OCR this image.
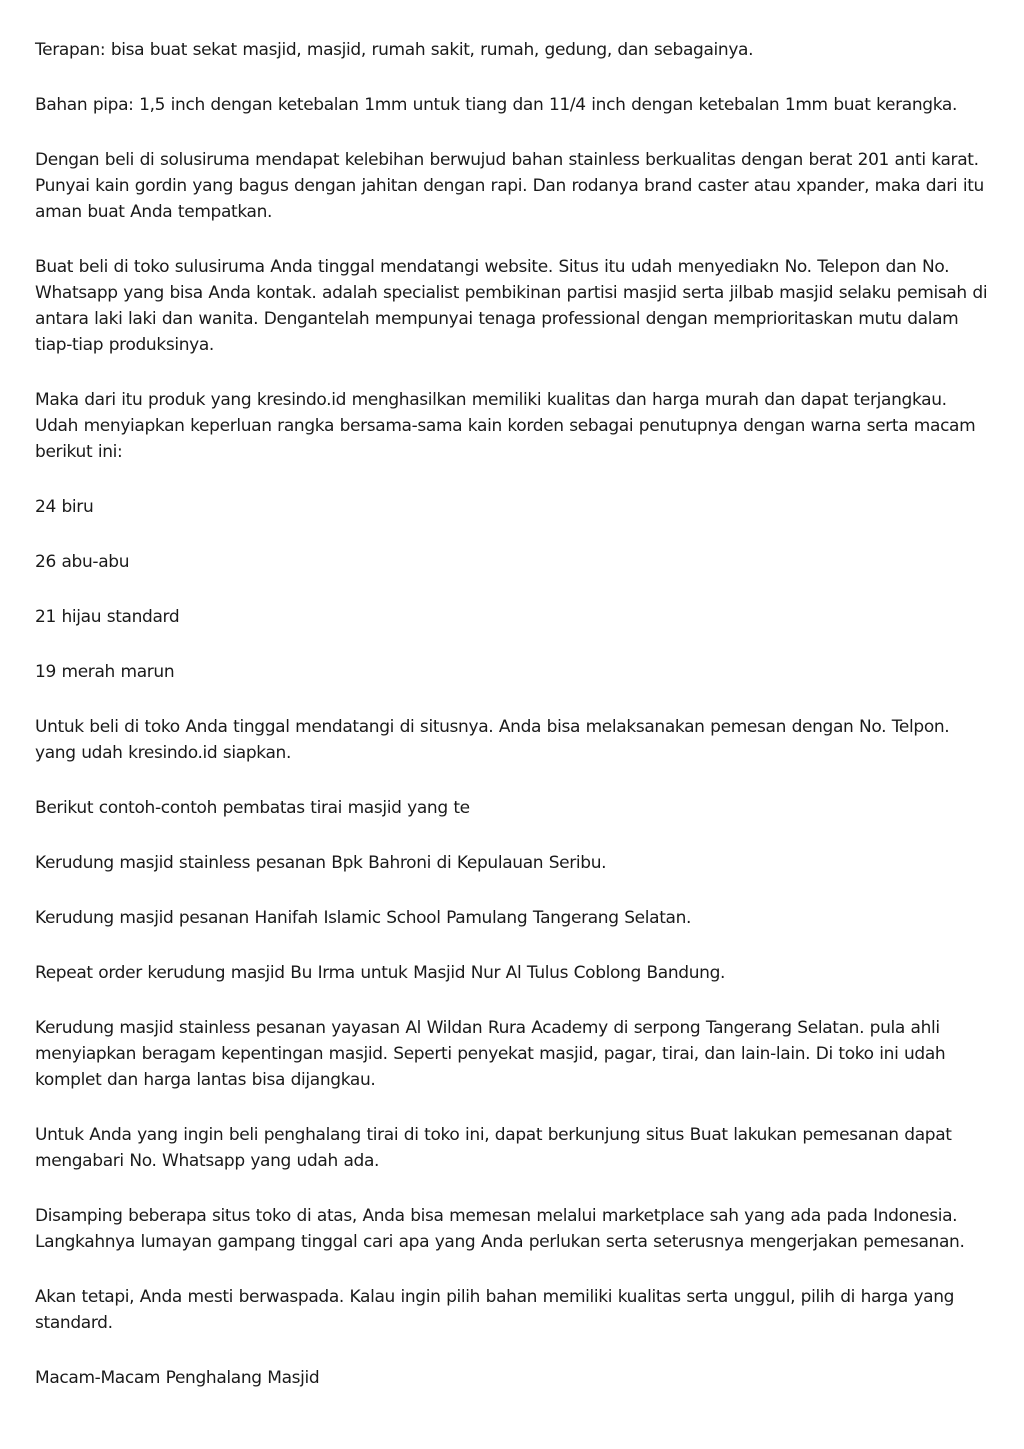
Terapan: bisa buat sekat masjid, masjid, rumah sakit, rumah, gedung, dan sebagainya.

Bahan pipa: 1,5 inch dengan ketebalan 1mm untuk tiang dan 11/4 inch dengan ketebalan 1mm buat kerangka.

Dengan beli di solusiruma mendapat kelebihan berwujud bahan stainless berkualitas dengan berat 201 anti karat. Punyai kain gordin yang bagus dengan jahitan dengan rapi. Dan rodanya brand caster atau xpander, maka dari itu aman buat Anda tempatkan.

Buat beli di toko sulusiruma Anda tinggal mendatangi website. Situs itu udah menyediakn No. Telepon dan No. Whatsapp yang bisa Anda kontak. adalah specialist pembikinan partisi masjid serta jilbab masjid selaku pemisah di antara laki laki dan wanita. Dengantelah mempunyai tenaga professional dengan memprioritaskan mutu dalam tiap-tiap produksinya.

Maka dari itu produk yang kresindo.id menghasilkan memiliki kualitas dan harga murah dan dapat terjangkau. Udah menyiapkan keperluan rangka bersama-sama kain korden sebagai penutupnya dengan warna serta macam berikut ini:

24 biru

26 abu-abu

21 hijau standard

19 merah marun

Untuk beli di toko Anda tinggal mendatangi di situsnya. Anda bisa melaksanakan pemesan dengan No. Telpon. yang udah kresindo.id siapkan.

Berikut contoh-contoh pembatas tirai masjid yang te

Kerudung masjid stainless pesanan Bpk Bahroni di Kepulauan Seribu.

Kerudung masjid pesanan Hanifah Islamic School Pamulang Tangerang Selatan.

Repeat order kerudung masjid Bu Irma untuk Masjid Nur Al Tulus Coblong Bandung.

Kerudung masjid stainless pesanan yayasan Al Wildan Rura Academy di serpong Tangerang Selatan. pula ahli menyiapkan beragam kepentingan masjid. Seperti penyekat masjid, pagar, tirai, dan lain-lain. Di toko ini udah komplet dan harga lantas bisa dijangkau.

Untuk Anda yang ingin beli penghalang tirai di toko ini, dapat berkunjung situs Buat lakukan pemesanan dapat mengabari No. Whatsapp yang udah ada.

Disamping beberapa situs toko di atas, Anda bisa memesan melalui marketplace sah yang ada pada Indonesia. Langkahnya lumayan gampang tinggal cari apa yang Anda perlukan serta seterusnya mengerjakan pemesanan.

Akan tetapi, Anda mesti berwaspada. Kalau ingin pilih bahan memiliki kualitas serta unggul, pilih di harga yang standard.

Macam-Macam Penghalang Masjid
